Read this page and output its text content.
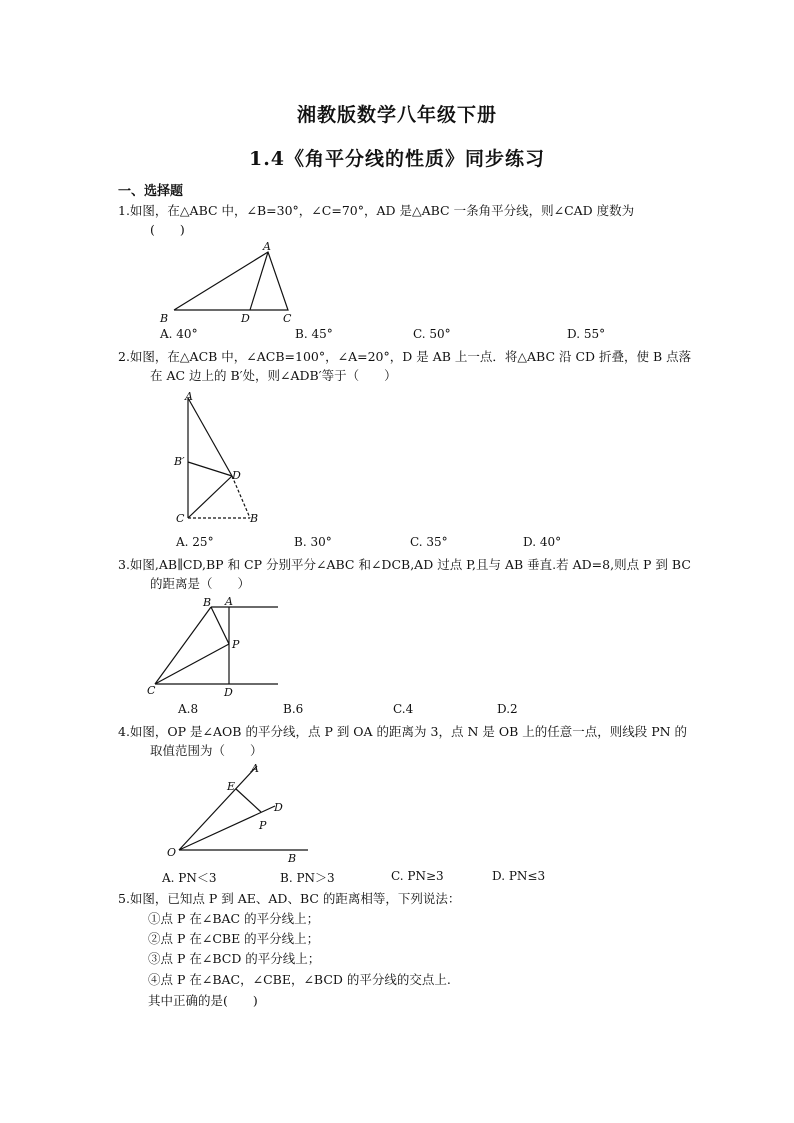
湘教版数学八年级下册
1.4《角平分线的性质》同步练习
一、选择题
1.如图，在△ABC 中，∠B=30°，∠C=70°，AD 是△ABC 一条角平分线，则∠CAD 度数为
(　　)
A
B	D	C
A. 40°	B. 45°	C. 50°	D. 55°
2.如图，在△ACB 中，∠ACB=100°，∠A=20°，D 是 AB 上一点．将△ABC 沿 CD 折叠，使 B 点落
在 AC 边上的 B′处，则∠ADB′等于（　　）
A
B′
D
C	B
A. 25°	B. 30°	C. 35°	D. 40°
3.如图,AB∥CD,BP 和 CP 分别平分∠ABC 和∠DCB,AD 过点 P,且与 AB 垂直.若 AD=8,则点 P 到 BC
的距离是（　　）
B A
P
C	D
A.8	B.6	C.4	D.2
4.如图，OP 是∠AOB 的平分线，点 P 到 OA 的距离为 3，点 N 是 OB 上的任意一点，则线段 PN 的
取值范围为（　　）
A
E
D
P
O	B
A. PN＜3	B. PN＞3	C. PN≥3	D. PN≤3
5.如图，已知点 P 到 AE、AD、BC 的距离相等，下列说法：
①点 P 在∠BAC 的平分线上；
②点 P 在∠CBE 的平分线上；
③点 P 在∠BCD 的平分线上；
④点 P 在∠BAC，∠CBE，∠BCD 的平分线的交点上.
其中正确的是(　　)
